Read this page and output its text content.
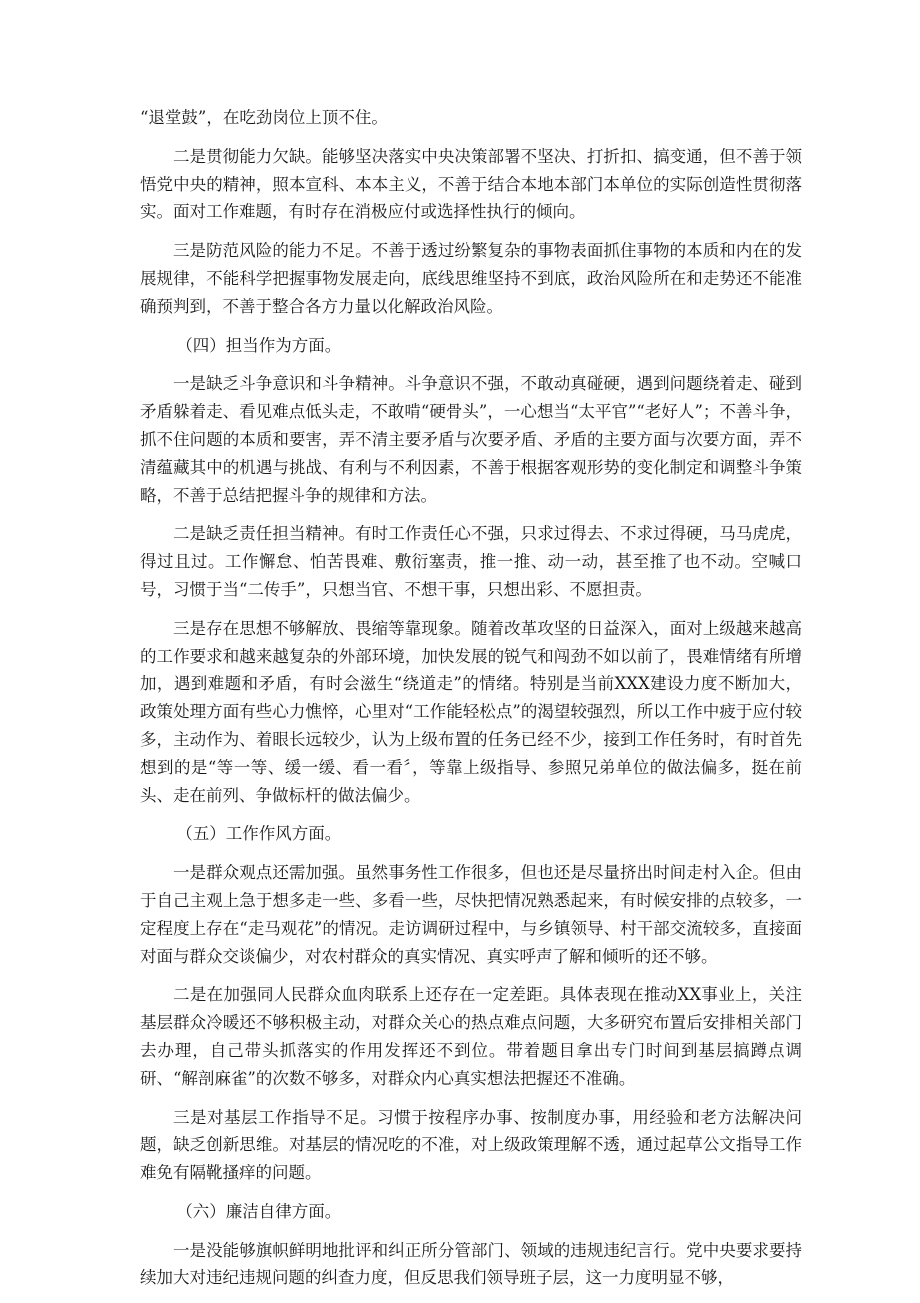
“退堂鼓”，在吃劲岗位上顶不住。

二是贯彻能力欠缺。能够坚决落实中央决策部署不坚决、打折扣、搞变通，但不善于领悟党中央的精神，照本宣科、本本主义，不善于结合本地本部门本单位的实际创造性贯彻落实。面对工作难题，有时存在消极应付或选择性执行的倾向。

三是防范风险的能力不足。不善于透过纷繁复杂的事物表面抓住事物的本质和内在的发展规律，不能科学把握事物发展走向，底线思维坚持不到底，政治风险所在和走势还不能准确预判到，不善于整合各方力量以化解政治风险。

（四）担当作为方面。

一是缺乏斗争意识和斗争精神。斗争意识不强，不敢动真碰硬，遇到问题绕着走、碰到矛盾躲着走、看见难点低头走，不敢啃“硬骨头”，一心想当“太平官”“老好人”；不善斗争，抓不住问题的本质和要害，弄不清主要矛盾与次要矛盾、矛盾的主要方面与次要方面，弄不清蕴藏其中的机遇与挑战、有利与不利因素，不善于根据客观形势的变化制定和调整斗争策略，不善于总结把握斗争的规律和方法。

二是缺乏责任担当精神。有时工作责任心不强，只求过得去、不求过得硬，马马虎虎，得过且过。工作懈怠、怕苦畏难、敷衍塞责，推一推、动一动，甚至推了也不动。空喊口号，习惯于当“二传手”，只想当官、不想干事，只想出彩、不愿担责。

三是存在思想不够解放、畏缩等靠现象。随着改革攻坚的日益深入，面对上级越来越高的工作要求和越来越复杂的外部环境，加快发展的锐气和闯劲不如以前了，畏难情绪有所增加，遇到难题和矛盾，有时会滋生“绕道走”的情绪。特别是当前XXX建设力度不断加大，政策处理方面有些心力憔悴，心里对“工作能轻松点”的渴望较强烈，所以工作中疲于应付较多，主动作为、着眼长远较少，认为上级布置的任务已经不少，接到工作任务时，有时首先想到的是“等一等、缓一缓、看一看〞，等靠上级指导、参照兄弟单位的做法偏多，挺在前头、走在前列、争做标杆的做法偏少。

（五）工作作风方面。

一是群众观点还需加强。虽然事务性工作很多，但也还是尽量挤出时间走村入企。但由于自己主观上急于想多走一些、多看一些，尽快把情况熟悉起来，有时候安排的点较多，一定程度上存在“走马观花”的情况。走访调研过程中，与乡镇领导、村干部交流较多，直接面对面与群众交谈偏少，对农村群众的真实情况、真实呼声了解和倾听的还不够。

二是在加强同人民群众血肉联系上还存在一定差距。具体表现在推动XX事业上，关注基层群众冷暖还不够积极主动，对群众关心的热点难点问题，大多研究布置后安排相关部门去办理，自己带头抓落实的作用发挥还不到位。带着题目拿出专门时间到基层搞蹲点调研、“解剖麻雀”的次数不够多，对群众内心真实想法把握还不准确。

三是对基层工作指导不足。习惯于按程序办事、按制度办事，用经验和老方法解决问题，缺乏创新思维。对基层的情况吃的不准，对上级政策理解不透，通过起草公文指导工作难免有隔靴搔痒的问题。

（六）廉洁自律方面。

一是没能够旗帜鲜明地批评和纠正所分管部门、领域的违规违纪言行。党中央要求要持续加大对违纪违规问题的纠查力度，但反思我们领导班子层，这一力度明显不够，
